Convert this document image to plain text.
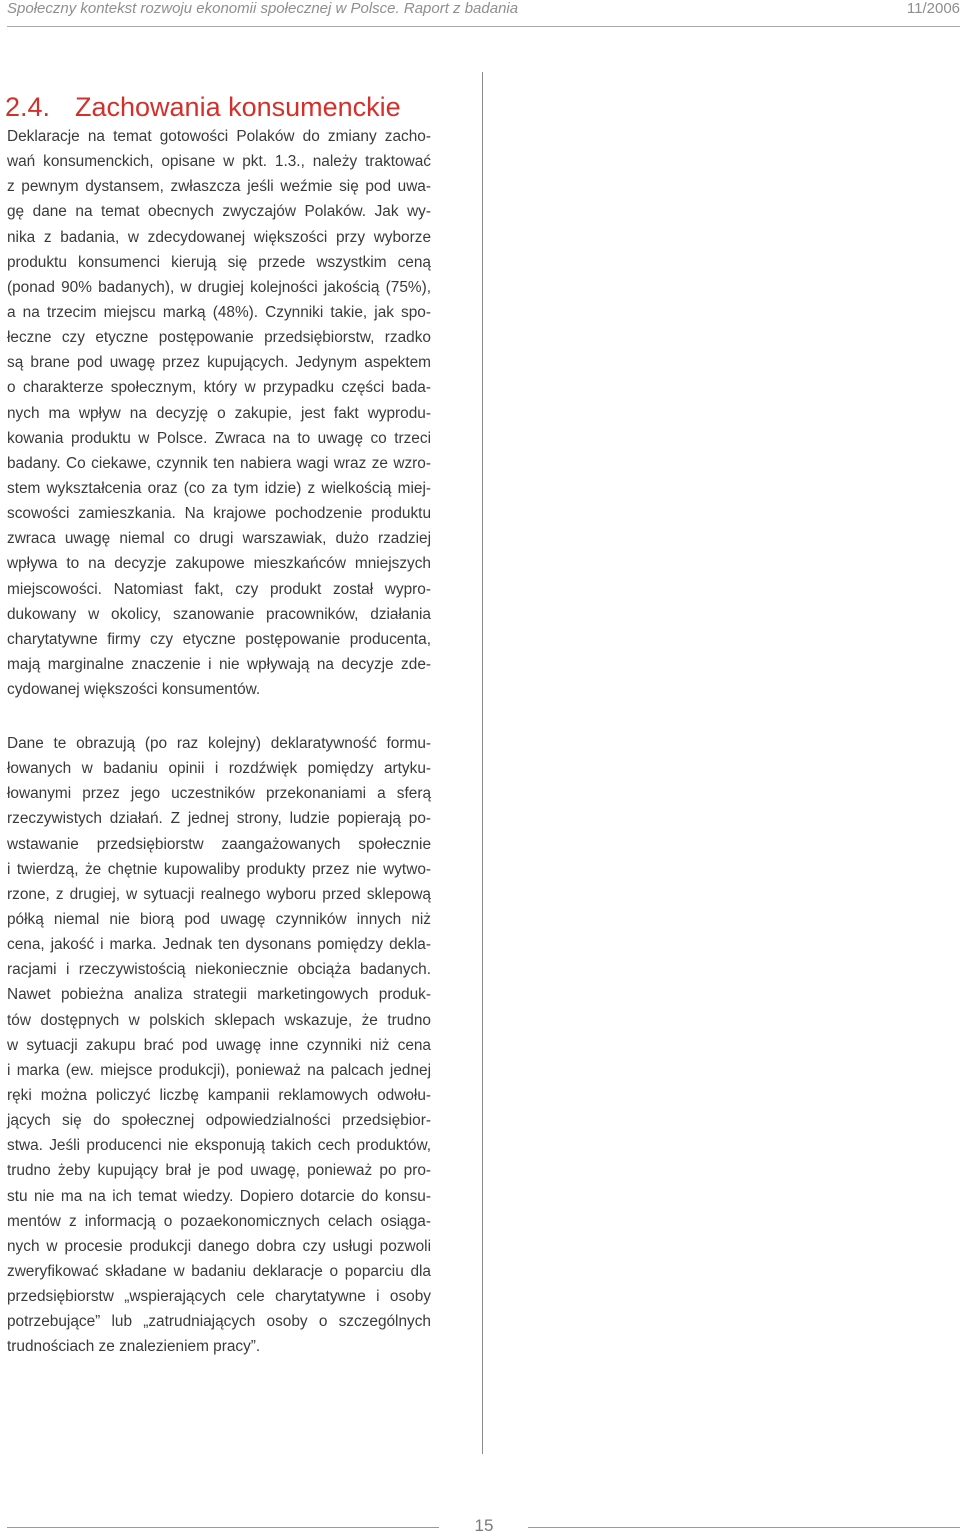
Społeczny kontekst rozwoju ekonomii społecznej w Polsce. Raport z badania	11/2006
2.4. Zachowania konsumenckie
Deklaracje na temat gotowości Polaków do zmiany zacho-
wań konsumenckich, opisane w pkt. 1.3., należy traktować
z pewnym dystansem, zwłaszcza jeśli weźmie się pod uwa-
gę dane na temat obecnych zwyczajów Polaków. Jak wy-
nika z badania, w zdecydowanej większości przy wyborze
produktu konsumenci kierują się przede wszystkim ceną
(ponad 90% badanych), w drugiej kolejności jakością (75%),
a na trzecim miejscu marką (48%). Czynniki takie, jak spo-
łeczne czy etyczne postępowanie przedsiębiorstw, rzadko
są brane pod uwagę przez kupujących. Jedynym aspektem
o charakterze społecznym, który w przypadku części bada-
nych ma wpływ na decyzję o zakupie, jest fakt wyprodu-
kowania produktu w Polsce. Zwraca na to uwagę co trzeci
badany. Co ciekawe, czynnik ten nabiera wagi wraz ze wzro-
stem wykształcenia oraz (co za tym idzie) z wielkością miej-
scowości zamieszkania. Na krajowe pochodzenie produktu
zwraca uwagę niemal co drugi warszawiak, dużo rzadziej
wpływa to na decyzje zakupowe mieszkańców mniejszych
miejscowości. Natomiast fakt, czy produkt został wypro-
dukowany w okolicy, szanowanie pracowników, działania
charytatywne firmy czy etyczne postępowanie producenta,
mają marginalne znaczenie i nie wpływają na decyzje zde-
cydowanej większości konsumentów.
Dane te obrazują (po raz kolejny) deklaratywność formu-
łowanych w badaniu opinii i rozdźwięk pomiędzy artyku-
łowanymi przez jego uczestników przekonaniami a sferą
rzeczywistych działań. Z jednej strony, ludzie popierają po-
wstawanie przedsiębiorstw zaangażowanych społecznie
i twierdzą, że chętnie kupowaliby produkty przez nie wytwo-
rzone, z drugiej, w sytuacji realnego wyboru przed sklepową
półką niemal nie biorą pod uwagę czynników innych niż
cena, jakość i marka. Jednak ten dysonans pomiędzy dekla-
racjami i rzeczywistością niekoniecznie obciąża badanych.
Nawet pobieżna analiza strategii marketingowych produk-
tów dostępnych w polskich sklepach wskazuje, że trudno
w sytuacji zakupu brać pod uwagę inne czynniki niż cena
i marka (ew. miejsce produkcji), ponieważ na palcach jednej
ręki można policzyć liczbę kampanii reklamowych odwołu-
jących się do społecznej odpowiedzialności przedsiębior-
stwa. Jeśli producenci nie eksponują takich cech produktów,
trudno żeby kupujący brał je pod uwagę, ponieważ po pro-
stu nie ma na ich temat wiedzy. Dopiero dotarcie do konsu-
mentów z informacją o pozaekonomicznych celach osiąga-
nych w procesie produkcji danego dobra czy usługi pozwoli
zweryfikować składane w badaniu deklaracje o poparciu dla
przedsiębiorstw „wspierających cele charytatywne i osoby
potrzebujące” lub „zatrudniających osoby o szczególnych
trudnościach ze znalezieniem pracy”.
15
